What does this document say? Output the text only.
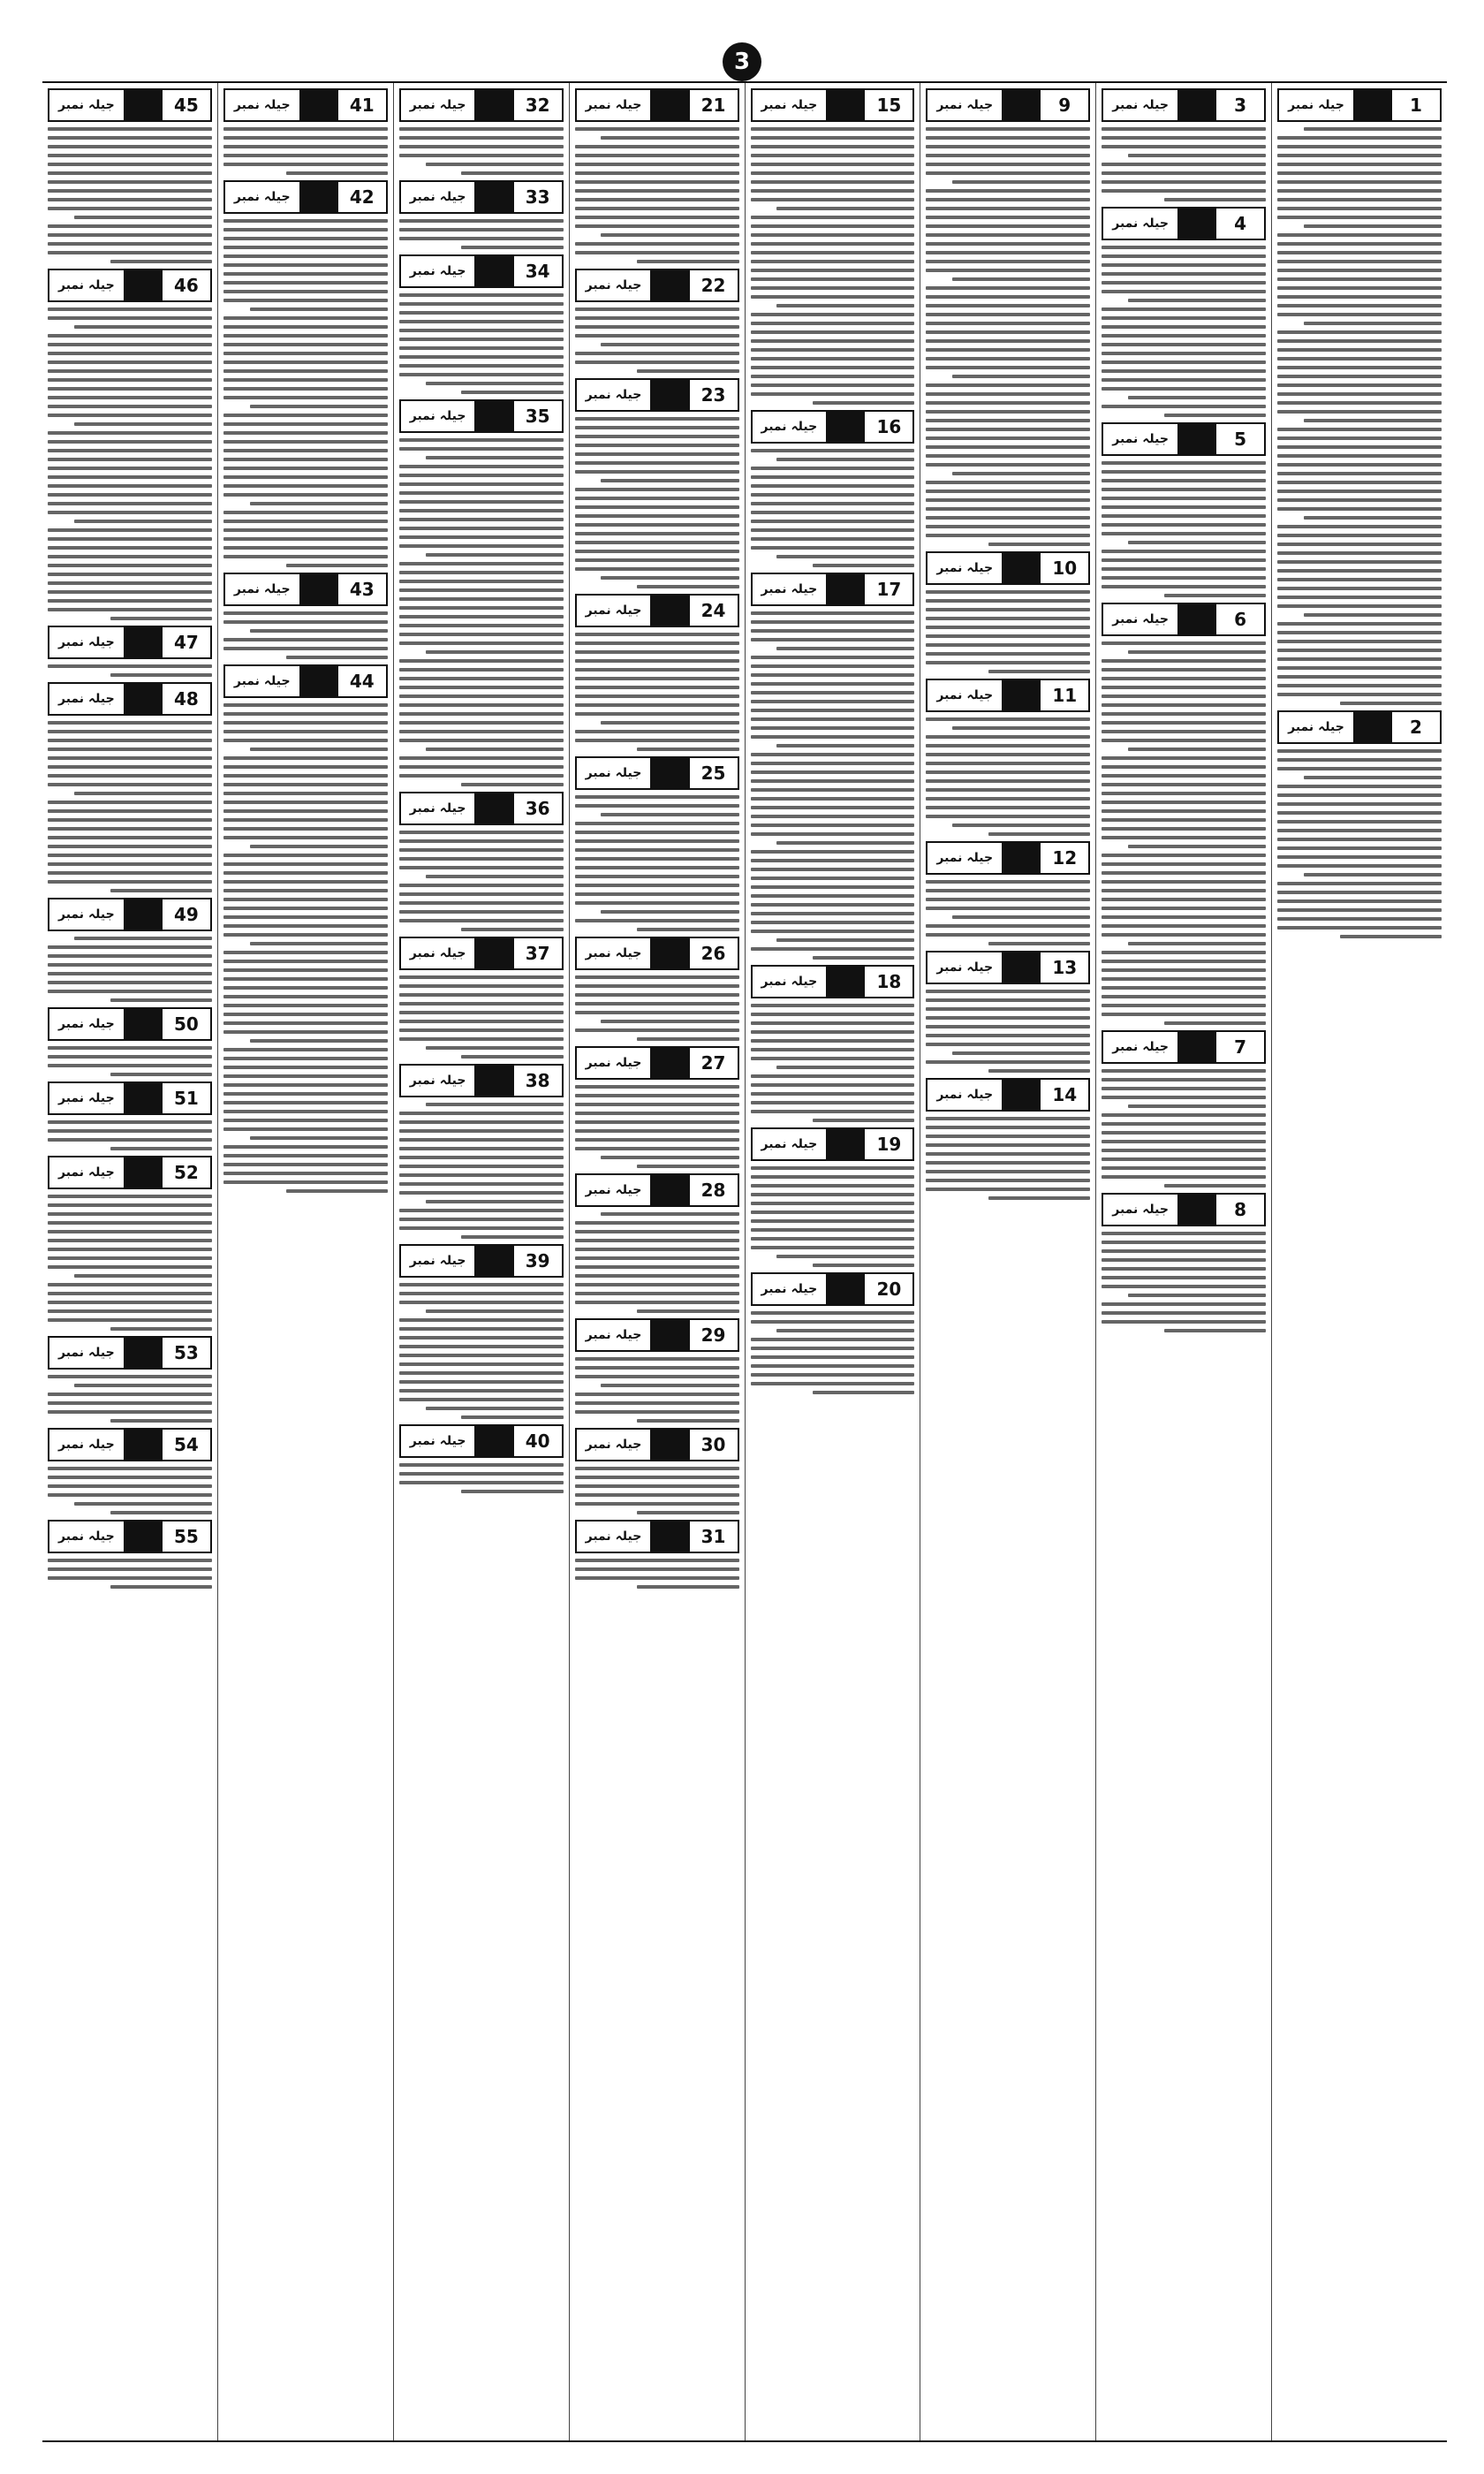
3
1
جیلہ نمبر
2
جیلہ نمبر
3
جیلہ نمبر
4
جیلہ نمبر
5
جیلہ نمبر
6
جیلہ نمبر
7
جیلہ نمبر
8
جیلہ نمبر
9
جیلہ نمبر
10
جیلہ نمبر
11
جیلہ نمبر
12
جیلہ نمبر
13
جیلہ نمبر
14
جیلہ نمبر
15
جیلہ نمبر
16
جیلہ نمبر
17
جیلہ نمبر
18
جیلہ نمبر
19
جیلہ نمبر
20
جیلہ نمبر
21
جیلہ نمبر
22
جیلہ نمبر
23
جیلہ نمبر
24
جیلہ نمبر
25
جیلہ نمبر
26
جیلہ نمبر
27
جیلہ نمبر
28
جیلہ نمبر
29
جیلہ نمبر
30
جیلہ نمبر
31
جیلہ نمبر
32
جیلہ نمبر
33
جیلہ نمبر
34
جیلہ نمبر
35
جیلہ نمبر
36
جیلہ نمبر
37
جیلہ نمبر
38
جیلہ نمبر
39
جیلہ نمبر
40
جیلہ نمبر
41
جیلہ نمبر
42
جیلہ نمبر
43
جیلہ نمبر
44
جیلہ نمبر
45
جیلہ نمبر
46
جیلہ نمبر
47
جیلہ نمبر
48
جیلہ نمبر
49
جیلہ نمبر
50
جیلہ نمبر
51
جیلہ نمبر
52
جیلہ نمبر
53
جیلہ نمبر
54
جیلہ نمبر
55
جیلہ نمبر
